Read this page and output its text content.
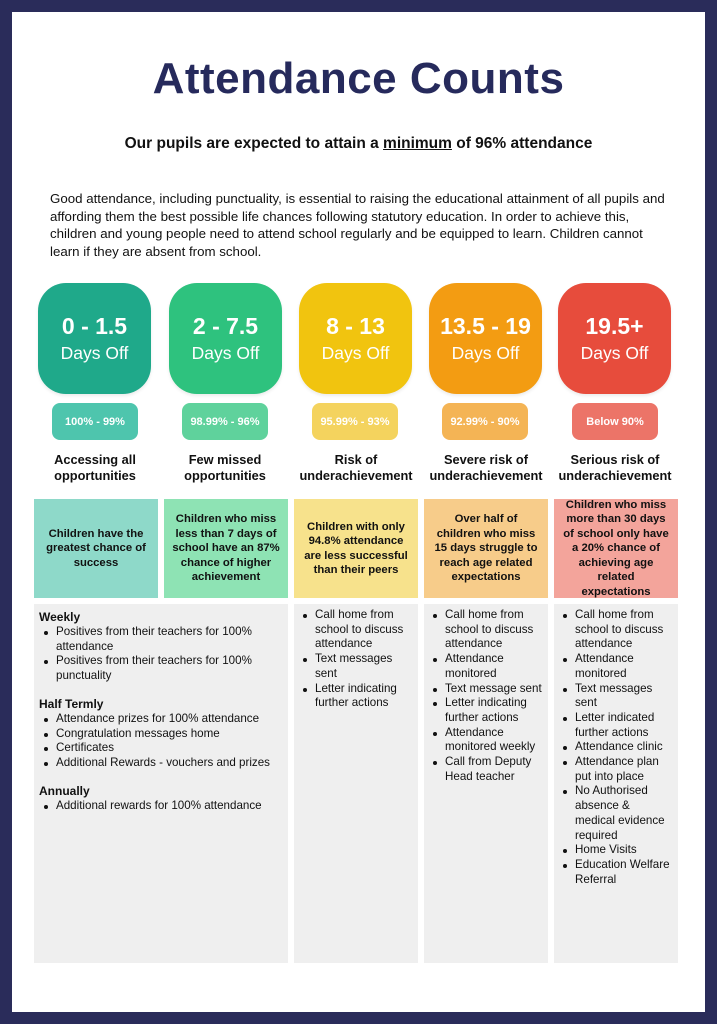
Attendance Counts
Our pupils are expected to attain a minimum of 96% attendance
Good attendance, including punctuality, is essential to raising the educational attainment of all pupils and affording them the best possible life chances following statutory education. In order to achieve this, children and young people need to attend school regularly and be equipped to learn. Children cannot learn if they are absent from school.
0 - 1.5
Days Off
2 - 7.5
Days Off
8 - 13
Days Off
13.5 - 19
Days Off
19.5+
Days Off
100% - 99%	98.99% - 96%	95.99% - 93%	92.99% - 90%	Below 90%
Accessing all opportunities
Few missed opportunities
Risk of underachievement
Severe risk of underachievement
Serious risk of underachievement
Children have the greatest chance of success
Children who miss less than 7 days of school have an 87% chance of higher achievement
Children with only 94.8% attendance are less successful than their peers
Over half of children who miss 15 days struggle to reach age related expectations
Children who miss more than 30 days of school only have a 20% chance of achieving age related expectations
Weekly
Positives from their teachers for 100% attendance
Positives from their teachers for 100% punctuality
Half Termly
Attendance prizes for 100% attendance
Congratulation messages home
Certificates
Additional Rewards - vouchers and prizes
Annually
Additional rewards for 100% attendance
Call home from school to discuss attendance
Text messages sent
Letter indicating further actions
Call home from school to discuss attendance
Attendance monitored
Text message sent
Letter indicating further actions
Attendance monitored weekly
Call from Deputy Head teacher
Call home from school to discuss attendance
Attendance monitored
Text messages sent
Letter indicated further actions
Attendance clinic
Attendance plan put into place
No Authorised absence & medical evidence required
Home Visits
Education Welfare Referral
